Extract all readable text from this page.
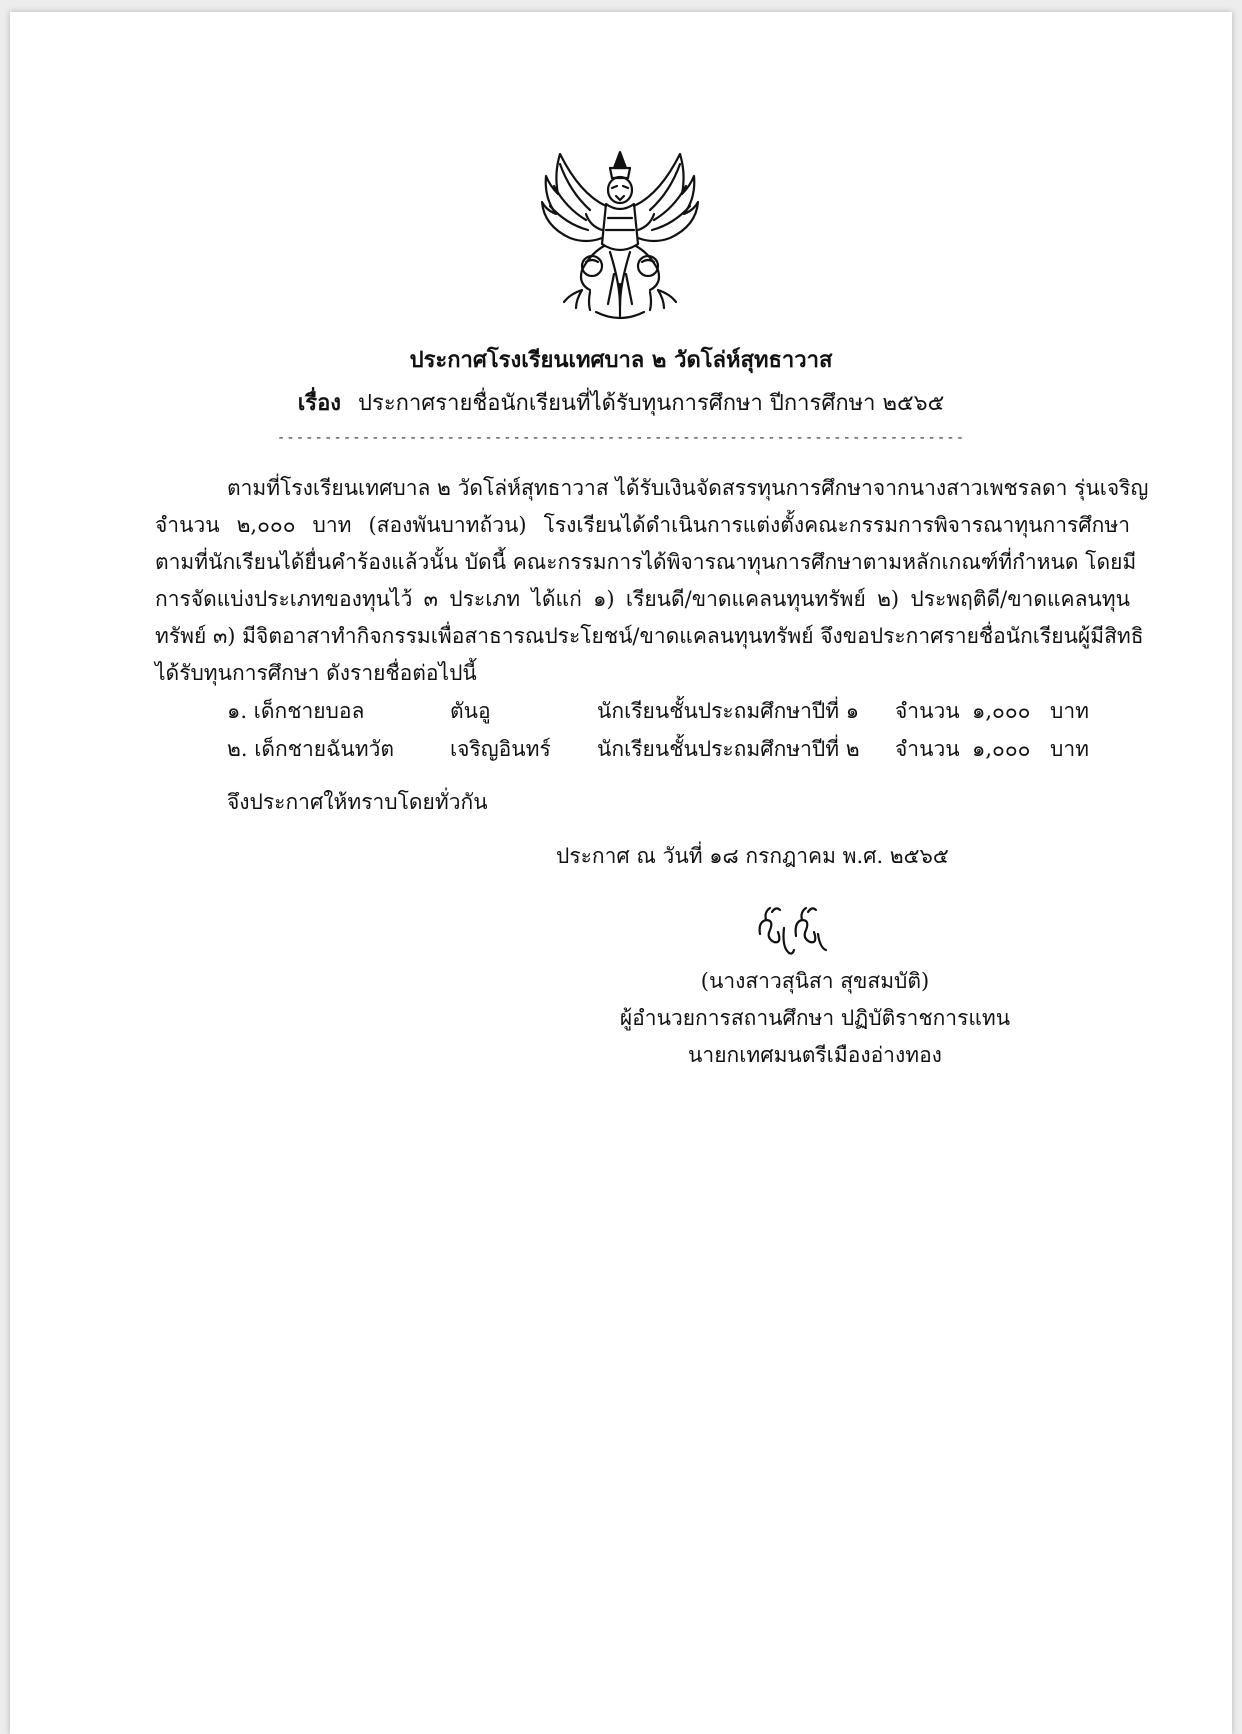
ประกาศโรงเรียนเทศบาล ๒ วัดโล่ห์สุทธาวาส
เรื่อง ประกาศรายชื่อนักเรียนที่ได้รับทุนการศึกษา ปีการศึกษา ๒๕๖๕
-------------------------------------------------------------------------
ตามที่โรงเรียนเทศบาล ๒ วัดโล่ห์สุทธาวาส ได้รับเงินจัดสรรทุนการศึกษาจากนางสาวเพชรลดา รุ่นเจริญ
จำนวน ๒,๐๐๐ บาท (สองพันบาทถ้วน) โรงเรียนได้ดำเนินการแต่งตั้งคณะกรรมการพิจารณาทุนการศึกษา
ตามที่นักเรียนได้ยื่นคำร้องแล้วนั้น บัดนี้ คณะกรรมการได้พิจารณาทุนการศึกษาตามหลักเกณฑ์ที่กำหนด โดยมี
การจัดแบ่งประเภทของทุนไว้ ๓ ประเภท ได้แก่ ๑) เรียนดี/ขาดแคลนทุนทรัพย์ ๒) ประพฤติดี/ขาดแคลนทุน
ทรัพย์ ๓) มีจิตอาสาทำกิจกรรมเพื่อสาธารณประโยชน์/ขาดแคลนทุนทรัพย์ จึงขอประกาศรายชื่อนักเรียนผู้มีสิทธิ
ได้รับทุนการศึกษา ดังรายชื่อต่อไปนี้
๑. เด็กชายบอล	ตันอู	นักเรียนชั้นประถมศึกษาปีที่ ๑ จำนวน ๑,๐๐๐ บาท
๒. เด็กชายฉันทวัต	เจริญอินทร์ นักเรียนชั้นประถมศึกษาปีที่ ๒ จำนวน ๑,๐๐๐ บาท
จึงประกาศให้ทราบโดยทั่วกัน
ประกาศ ณ วันที่ ๑๘ กรกฎาคม พ.ศ. ๒๕๖๕
(นางสาวสุนิสา สุขสมบัติ)
ผู้อำนวยการสถานศึกษา ปฏิบัติราชการแทน
นายกเทศมนตรีเมืองอ่างทอง
